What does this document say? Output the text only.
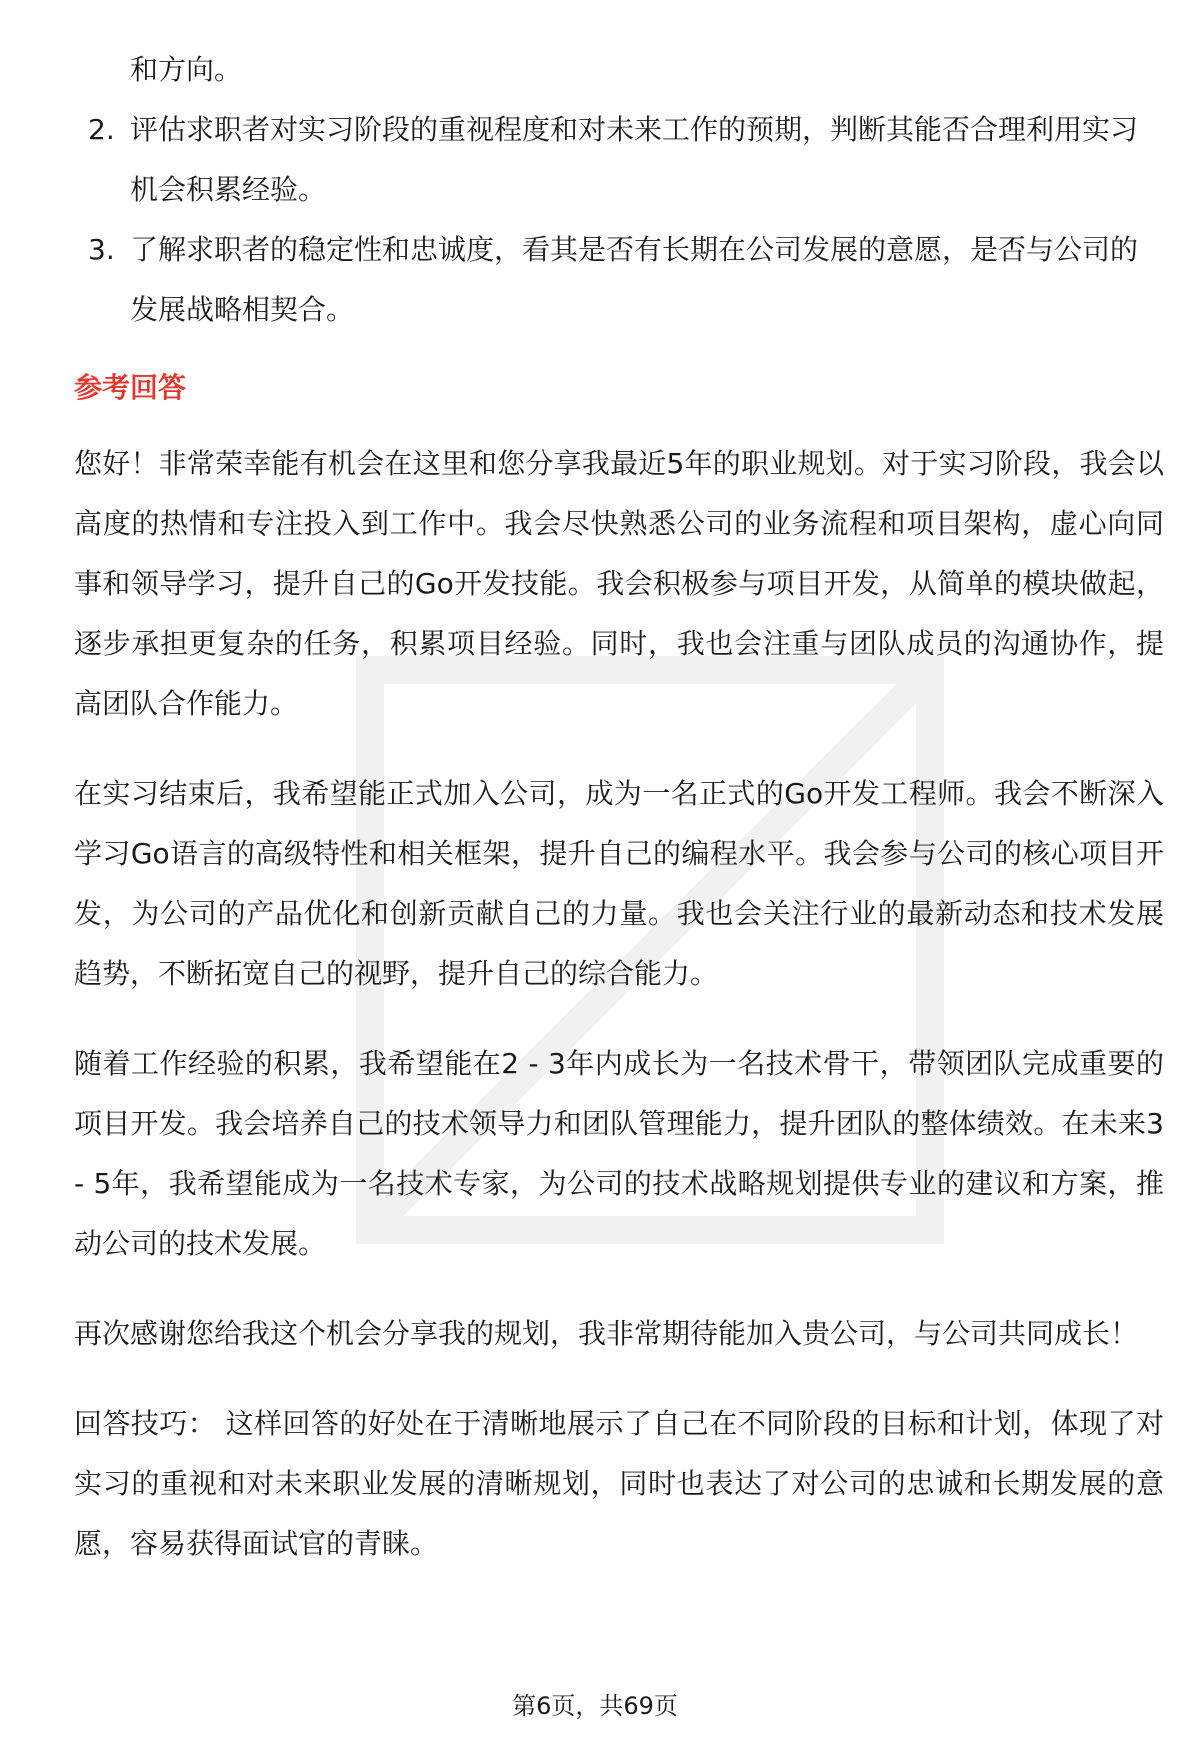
和方向。
2. 评估求职者对实习阶段的重视程度和对未来工作的预期，判断其能否合理利用实习机会积累经验。
3. 了解求职者的稳定性和忠诚度，看其是否有长期在公司发展的意愿，是否与公司的发展战略相契合。
参考回答

您好！非常荣幸能有机会在这里和您分享我最近5年的职业规划。对于实习阶段，我会以高度的热情和专注投入到工作中。我会尽快熟悉公司的业务流程和项目架构，虚心向同事和领导学习，提升自己的Go开发技能。我会积极参与项目开发，从简单的模块做起，逐步承担更复杂的任务，积累项目经验。同时，我也会注重与团队成员的沟通协作，提高团队合作能力。

在实习结束后，我希望能正式加入公司，成为一名正式的Go开发工程师。我会不断深入学习Go语言的高级特性和相关框架，提升自己的编程水平。我会参与公司的核心项目开发，为公司的产品优化和创新贡献自己的力量。我也会关注行业的最新动态和技术发展趋势，不断拓宽自己的视野，提升自己的综合能力。

随着工作经验的积累，我希望能在2 - 3年内成长为一名技术骨干，带领团队完成重要的项目开发。我会培养自己的技术领导力和团队管理能力，提升团队的整体绩效。在未来3 - 5年，我希望能成为一名技术专家，为公司的技术战略规划提供专业的建议和方案，推动公司的技术发展。

再次感谢您给我这个机会分享我的规划，我非常期待能加入贵公司，与公司共同成长！

回答技巧： 这样回答的好处在于清晰地展示了自己在不同阶段的目标和计划，体现了对实习的重视和对未来职业发展的清晰规划，同时也表达了对公司的忠诚和长期发展的意愿，容易获得面试官的青睐。

第6页，共69页
